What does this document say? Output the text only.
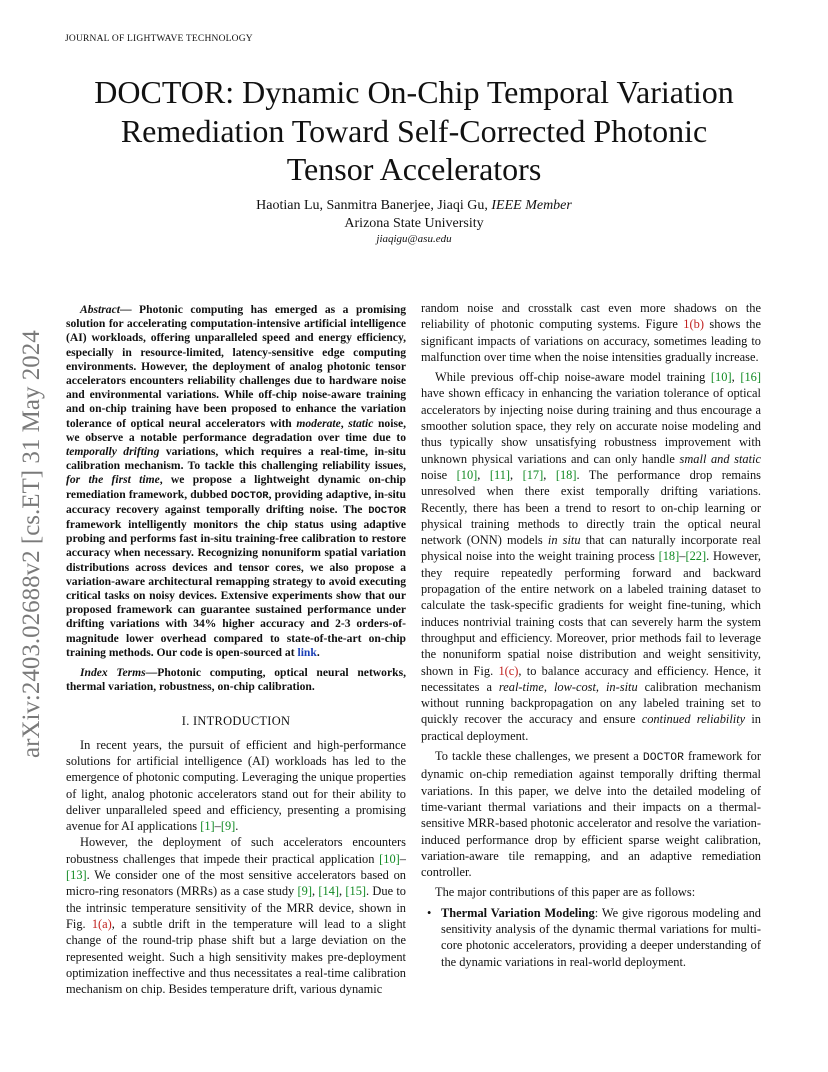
JOURNAL OF LIGHTWAVE TECHNOLOGY
DOCTOR: Dynamic On-Chip Temporal Variation
Remediation Toward Self-Corrected Photonic
Tensor Accelerators
Haotian Lu, Sanmitra Banerjee, Jiaqi Gu, IEEE Member
Arizona State University
jiaqigu@asu.edu
arXiv:2403.02688v2 [cs.ET] 31 May 2024

Abstract— Photonic computing has emerged as a promising solution for accelerating computation-intensive artificial intelligence (AI) workloads, offering unparalleled speed and energy efficiency, especially in resource-limited, latency-sensitive edge computing environments. However, the deployment of analog photonic tensor accelerators encounters reliability challenges due to hardware noise and environmental variations. While off-chip noise-aware training and on-chip training have been proposed to enhance the variation tolerance of optical neural accelerators with moderate, static noise, we observe a notable performance degradation over time due to temporally drifting variations, which requires a real-time, in-situ calibration mechanism. To tackle this challenging reliability issues, for the first time, we propose a lightweight dynamic on-chip remediation framework, dubbed DOCTOR, providing adaptive, in-situ accuracy recovery against temporally drifting noise. The DOCTOR framework intelligently monitors the chip status using adaptive probing and performs fast in-situ training-free calibration to restore accuracy when necessary. Recognizing nonuniform spatial variation distributions across devices and tensor cores, we also propose a variation-aware architectural remapping strategy to avoid executing critical tasks on noisy devices. Extensive experiments show that our proposed framework can guarantee sustained performance under drifting variations with 34% higher accuracy and 2-3 orders-of-magnitude lower overhead compared to state-of-the-art on-chip training methods. Our code is open-sourced at link.

Index Terms—Photonic computing, optical neural networks, thermal variation, robustness, on-chip calibration.

I. INTRODUCTION

In recent years, the pursuit of efficient and high-performance solutions for artificial intelligence (AI) workloads has led to the emergence of photonic computing. Leveraging the unique properties of light, analog photonic accelerators stand out for their ability to deliver unparalleled speed and efficiency, presenting a promising avenue for AI applications [1]–[9].

However, the deployment of such accelerators encounters robustness challenges that impede their practical application [10]–[13]. We consider one of the most sensitive accelerators based on micro-ring resonators (MRRs) as a case study [9], [14], [15]. Due to the intrinsic temperature sensitivity of the MRR device, shown in Fig. 1(a), a subtle drift in the temperature will lead to a slight change of the round-trip phase shift but a large deviation on the represented weight. Such a high sensitivity makes pre-deployment optimization ineffective and thus necessitates a real-time calibration mechanism on chip. Besides temperature drift, various dynamic

random noise and crosstalk cast even more shadows on the reliability of photonic computing systems. Figure 1(b) shows the significant impacts of variations on accuracy, sometimes leading to malfunction over time when the noise intensities gradually increase.

While previous off-chip noise-aware model training [10], [16] have shown efficacy in enhancing the variation tolerance of optical accelerators by injecting noise during training and thus encourage a smoother solution space, they rely on accurate noise modeling and thus typically show unsatisfying robustness improvement with unknown physical variations and can only handle small and static noise [10], [11], [17], [18]. The performance drop remains unresolved when there exist temporally drifting variations. Recently, there has been a trend to resort to on-chip learning or physical training methods to directly train the optical neural network (ONN) models in situ that can naturally incorporate real physical noise into the weight training process [18]–[22]. However, they require repeatedly performing forward and backward propagation of the entire network on a labeled training dataset to calculate the task-specific gradients for weight fine-tuning, which induces nontrivial training costs that can severely harm the system throughput and efficiency. Moreover, prior methods fail to leverage the nonuniform spatial noise distribution and weight sensitivity, shown in Fig. 1(c), to balance accuracy and efficiency. Hence, it necessitates a real-time, low-cost, in-situ calibration mechanism without running backpropagation on any labeled training set to quickly recover the accuracy and ensure continued reliability in practical deployment.

To tackle these challenges, we present a DOCTOR framework for dynamic on-chip remediation against temporally drifting thermal variations. In this paper, we delve into the detailed modeling of time-variant thermal variations and their impacts on a thermal-sensitive MRR-based photonic accelerator and resolve the variation-induced performance drop by efficient sparse weight calibration, variation-aware tile remapping, and an adaptive remediation controller.

The major contributions of this paper are as follows:

• Thermal Variation Modeling: We give rigorous modeling and sensitivity analysis of the dynamic thermal variations for multi-core photonic accelerators, providing a deeper understanding of the dynamic variations in real-world deployment.
